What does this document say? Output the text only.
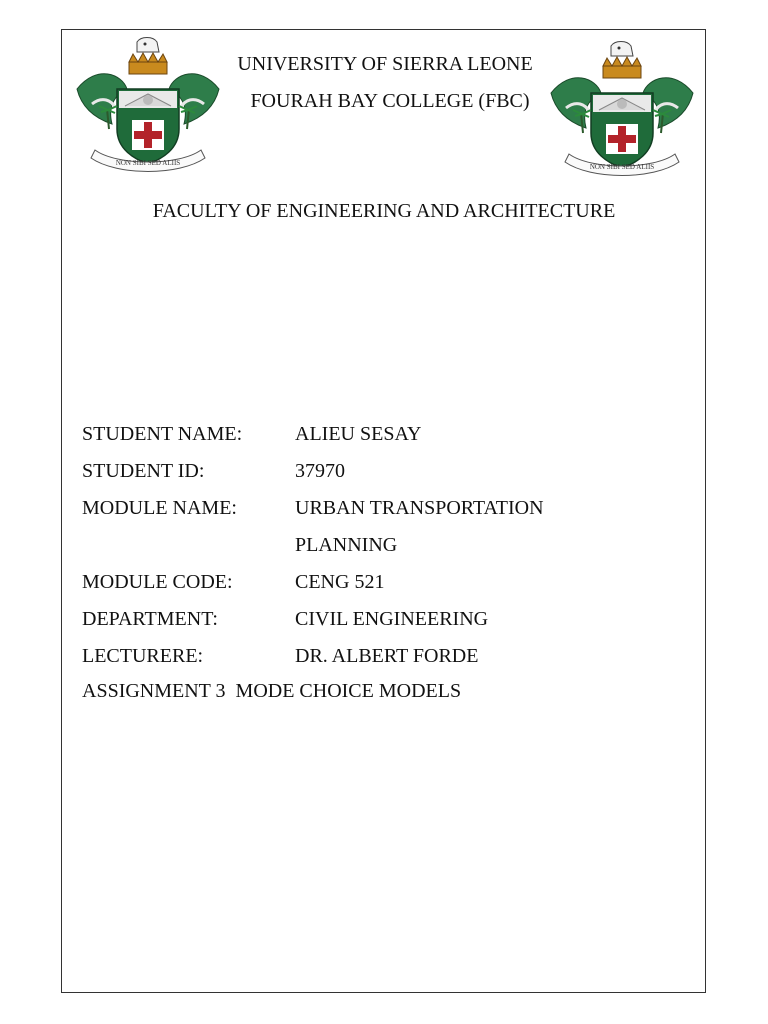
NON SIBI SED ALIIS	NON SIBI SED ALIIS
UNIVERSITY OF SIERRA LEONE
FOURAH BAY COLLEGE (FBC)
FACULTY OF ENGINEERING AND ARCHITECTURE
STUDENT NAME:	ALIEU SESAY
STUDENT ID:	37970
MODULE NAME:	URBAN TRANSPORTATION
PLANNING
MODULE CODE:	CENG 521
DEPARTMENT:	CIVIL ENGINEERING
LECTURERE:	DR. ALBERT FORDE
ASSIGNMENT 3  MODE CHOICE MODELS
